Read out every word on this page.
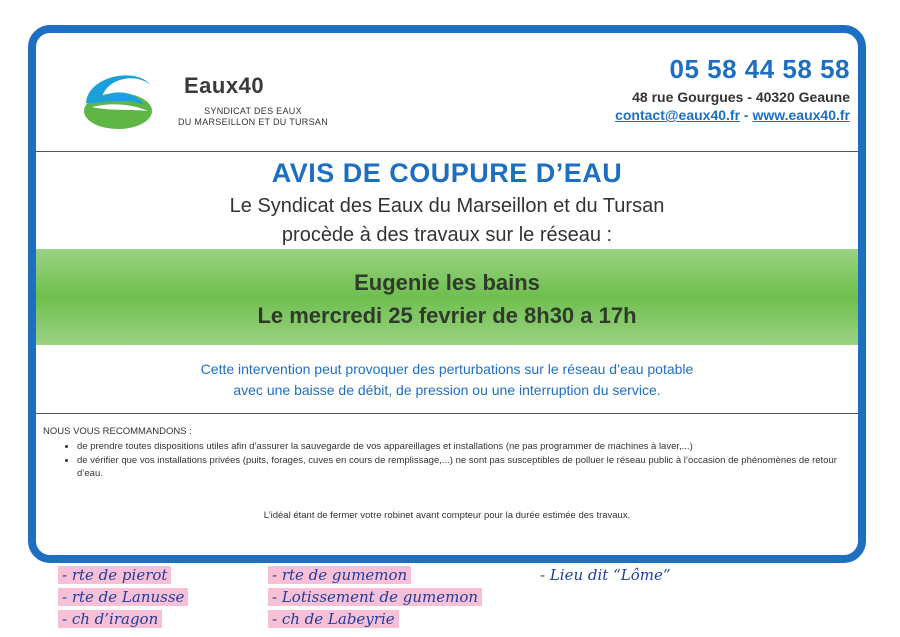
Eaux40
SYNDICAT DES EAUX
DU MARSEILLON ET DU TURSAN
05 58 44 58 58
48 rue Gourgues - 40320 Geaune
contact@eaux40.fr - www.eaux40.fr
AVIS DE COUPURE D’EAU
Le Syndicat des Eaux du Marseillon et du Tursan
procède à des travaux sur le réseau :
Eugenie les bains
Le mercredi 25 fevrier de 8h30 a 17h
Cette intervention peut provoquer des perturbations sur le réseau d’eau potable
avec une baisse de débit, de pression ou une interruption du service.
NOUS VOUS RECOMMANDONS :
• de prendre toutes dispositions utiles afin d’assurer la sauvegarde de vos appareillages et installations (ne pas programmer de machines à laver,...)
• de vérifier que vos installations privées (puits, forages, cuves en cours de remplissage,...) ne sont pas susceptibles de polluer le réseau public à l’occasion de phénomènes de retour d’eau.
L’idéal étant de fermer votre robinet avant compteur pour la durée estimée des travaux.
- rte de pierot
- rte de Lanusse
- ch d’iragon
- rte de gumemon
- Lotissement de gumemon
- ch de Labeyrie
- Lieu dit “Lôme”
